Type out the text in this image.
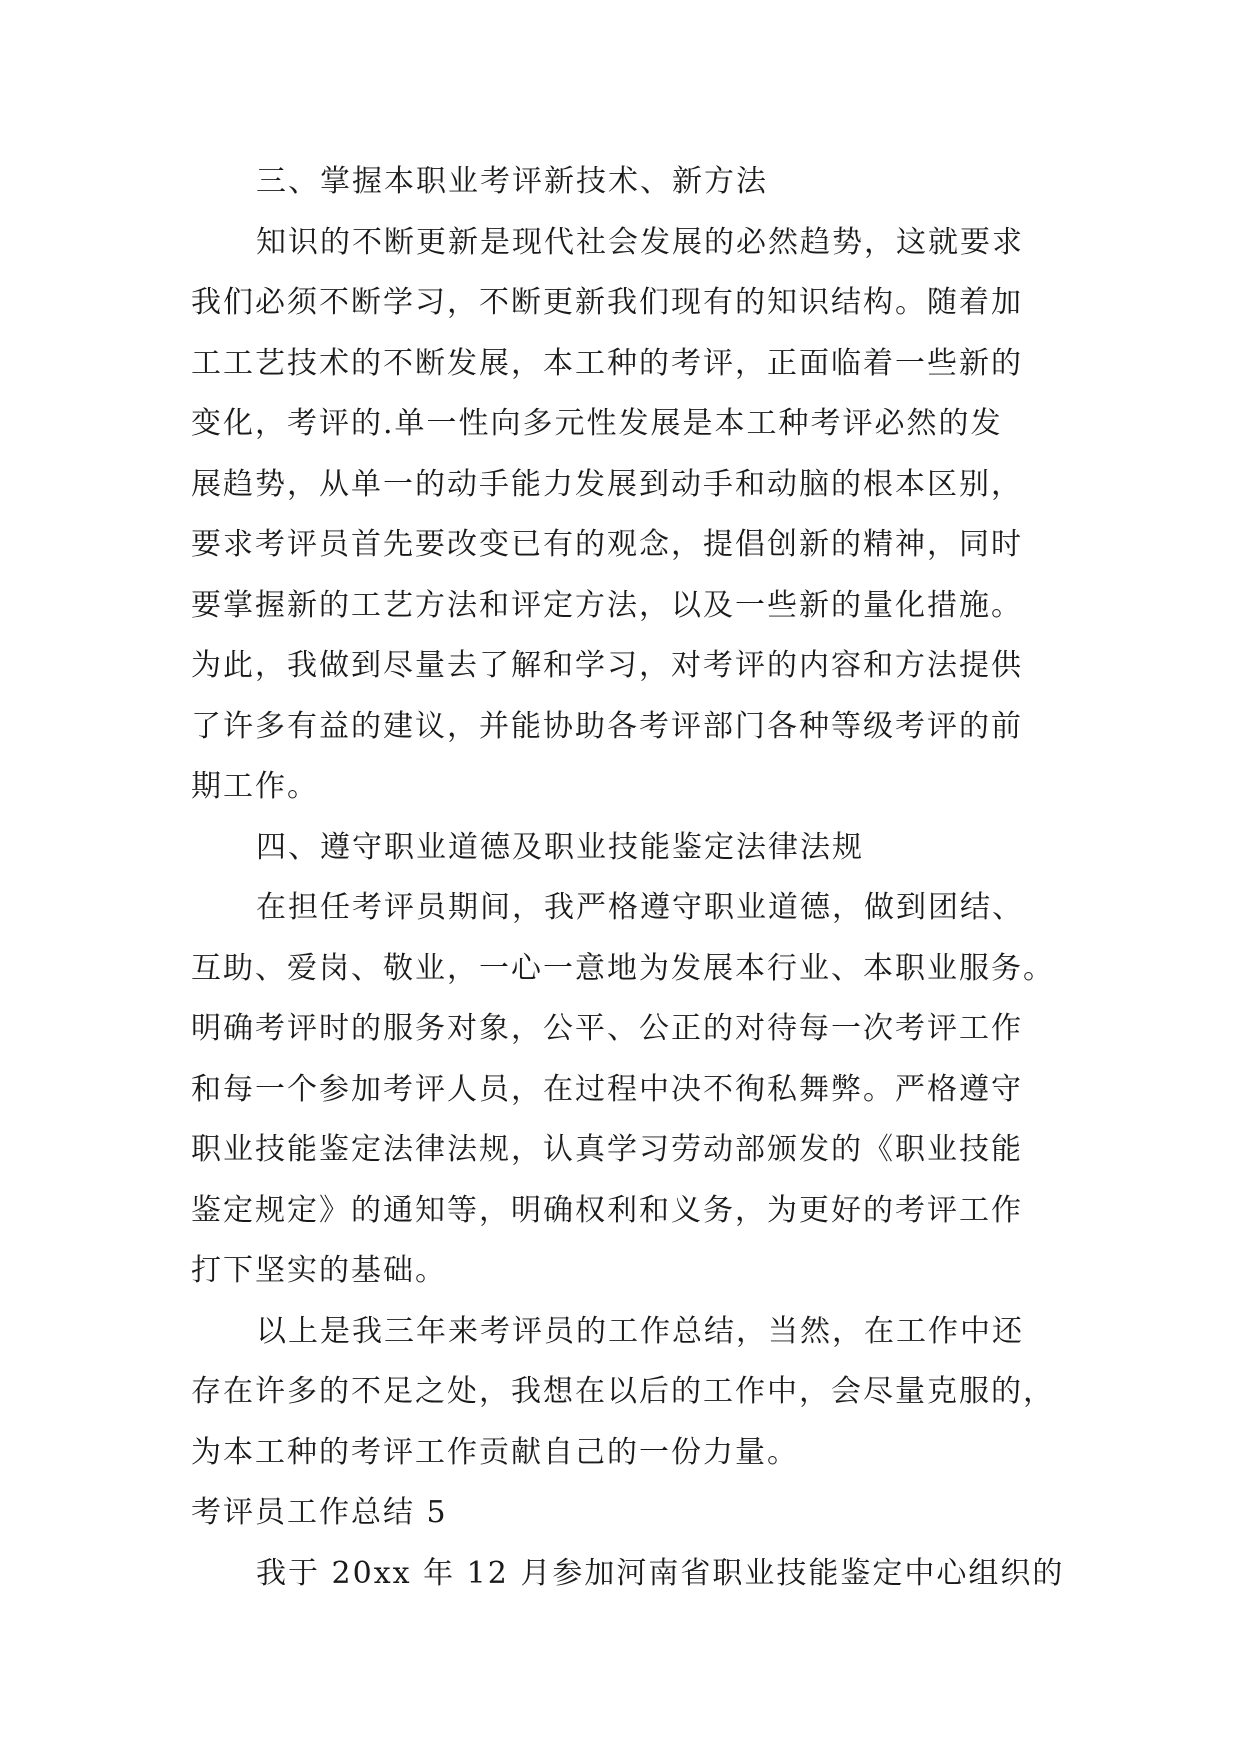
三、掌握本职业考评新技术、新方法
知识的不断更新是现代社会发展的必然趋势，这就要求
我们必须不断学习，不断更新我们现有的知识结构。随着加
工工艺技术的不断发展，本工种的考评，正面临着一些新的
变化，考评的.单一性向多元性发展是本工种考评必然的发
展趋势，从单一的动手能力发展到动手和动脑的根本区别，
要求考评员首先要改变已有的观念，提倡创新的精神，同时
要掌握新的工艺方法和评定方法，以及一些新的量化措施。
为此，我做到尽量去了解和学习，对考评的内容和方法提供
了许多有益的建议，并能协助各考评部门各种等级考评的前
期工作。
四、遵守职业道德及职业技能鉴定法律法规
在担任考评员期间，我严格遵守职业道德，做到团结、
互助、爱岗、敬业，一心一意地为发展本行业、本职业服务。
明确考评时的服务对象，公平、公正的对待每一次考评工作
和每一个参加考评人员，在过程中决不徇私舞弊。严格遵守
职业技能鉴定法律法规，认真学习劳动部颁发的《职业技能
鉴定规定》的通知等，明确权利和义务，为更好的考评工作
打下坚实的基础。
以上是我三年来考评员的工作总结，当然，在工作中还
存在许多的不足之处，我想在以后的工作中，会尽量克服的，
为本工种的考评工作贡献自己的一份力量。
考评员工作总结 5
我于 20xx 年 12 月参加河南省职业技能鉴定中心组织的
